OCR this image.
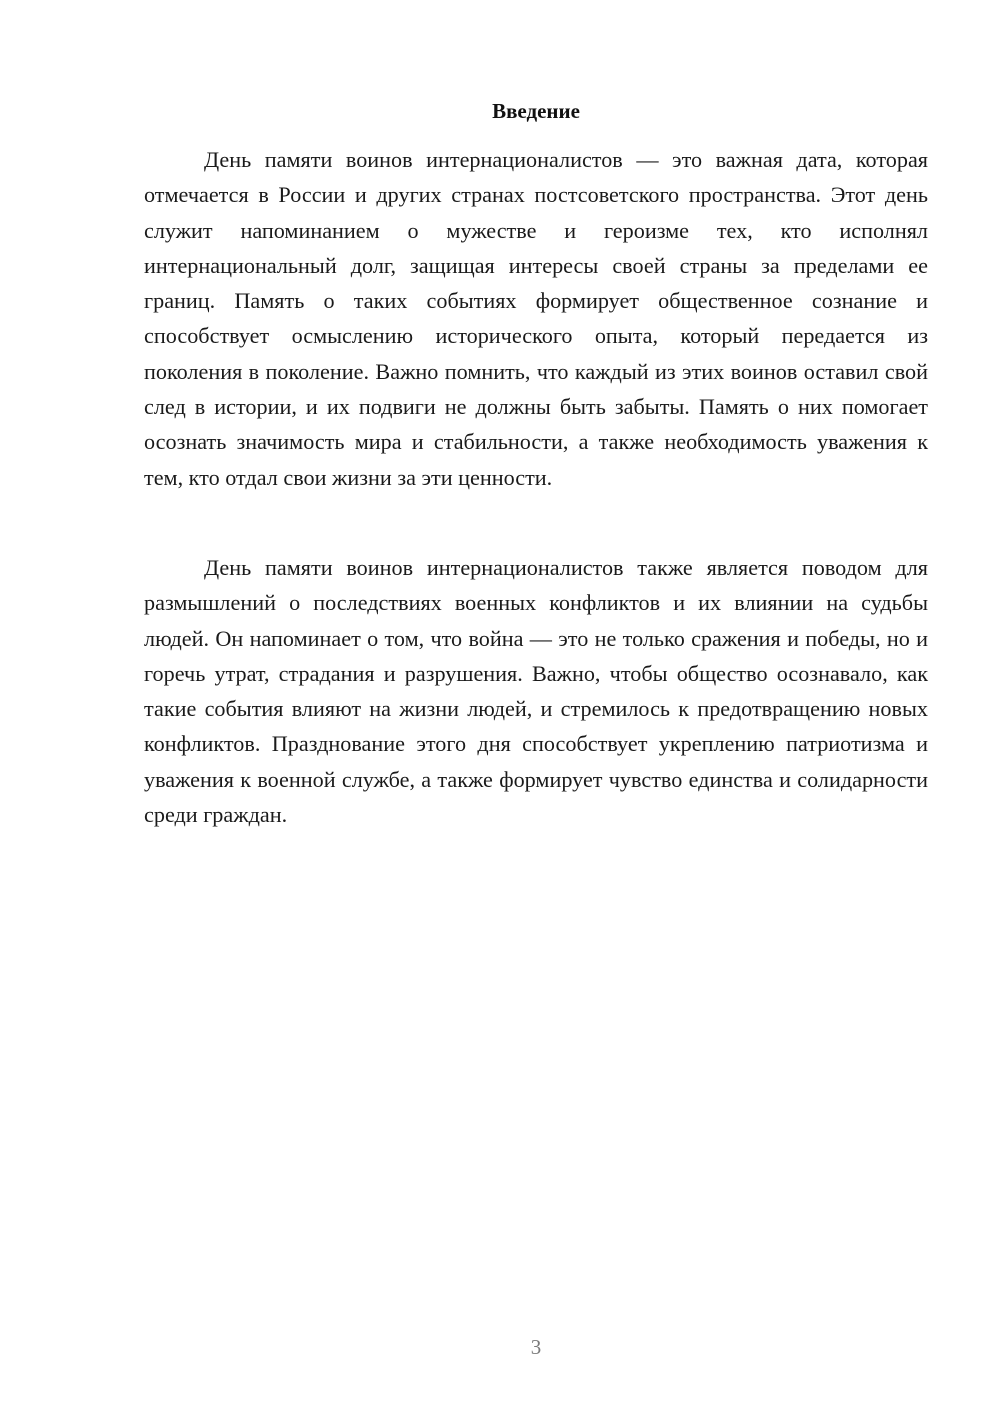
Введение

День памяти воинов интернационалистов — это важная дата, которая отмечается в России и других странах постсоветского пространства. Этот день служит напоминанием о мужестве и героизме тех, кто исполнял интернациональный долг, защищая интересы своей страны за пределами ее границ. Память о таких событиях формирует общественное сознание и способствует осмыслению исторического опыта, который передается из поколения в поколение. Важно помнить, что каждый из этих воинов оставил свой след в истории, и их подвиги не должны быть забыты. Память о них помогает осознать значимость мира и стабильности, а также необходимость уважения к тем, кто отдал свои жизни за эти ценности.

День памяти воинов интернационалистов также является поводом для размышлений о последствиях военных конфликтов и их влиянии на судьбы людей. Он напоминает о том, что война — это не только сражения и победы, но и горечь утрат, страдания и разрушения. Важно, чтобы общество осознавало, как такие события влияют на жизни людей, и стремилось к предотвращению новых конфликтов. Празднование этого дня способствует укреплению патриотизма и уважения к военной службе, а также формирует чувство единства и солидарности среди граждан.

3
